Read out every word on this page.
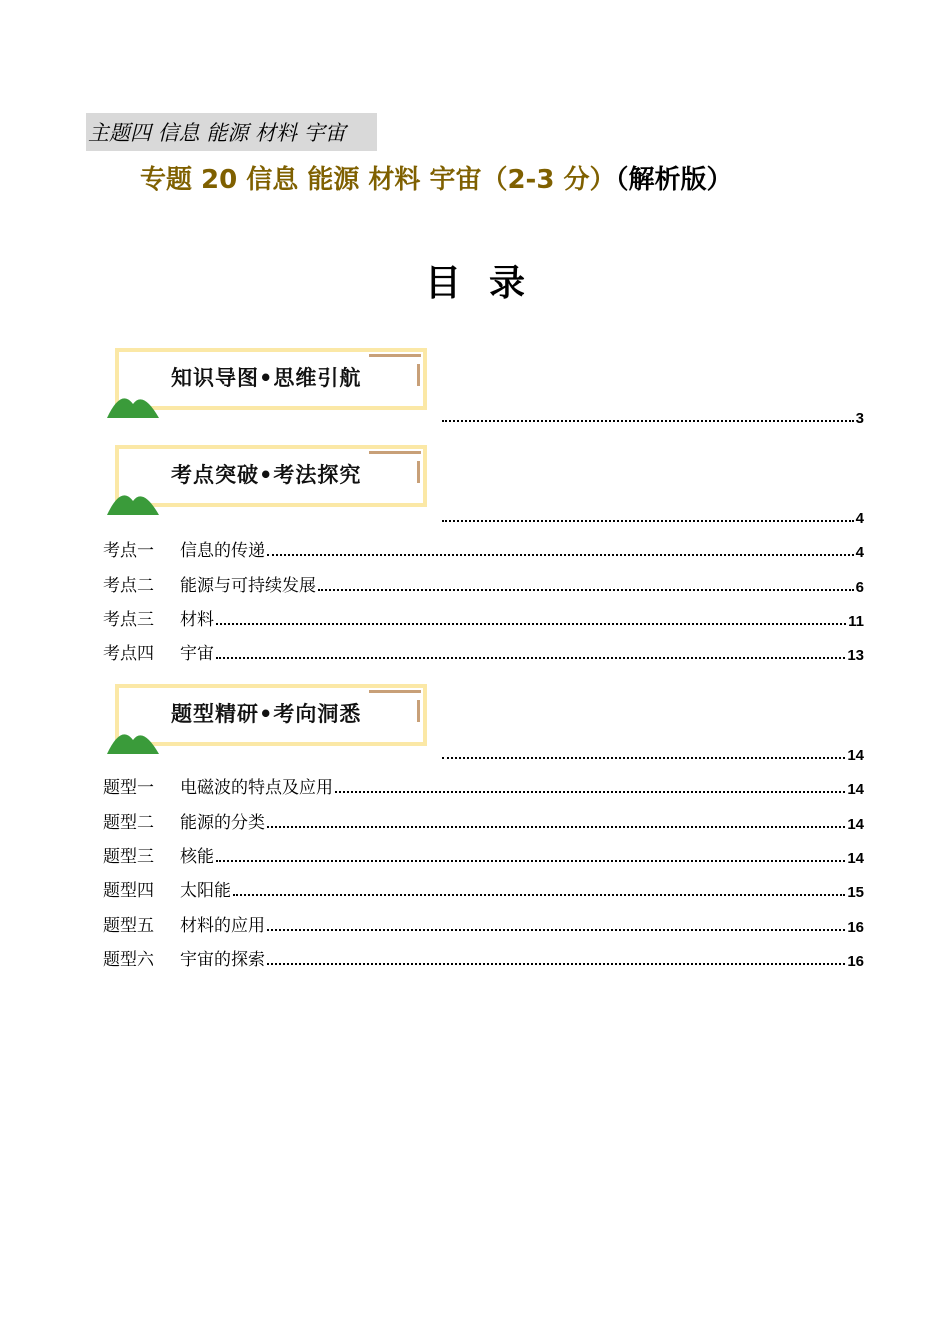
主题四 信息 能源 材料 宇宙
专题 20 信息 能源 材料 宇宙（2-3 分）（解析版）
目录
知识导图•思维引航
3
考点突破•考法探究
4
考点一	信息的传递	4
考点二	能源与可持续发展	6
考点三	材料	11
考点四	宇宙	13
题型精研•考向洞悉
14
题型一	电磁波的特点及应用	14
题型二	能源的分类	14
题型三	核能	14
题型四	太阳能	15
题型五	材料的应用	16
题型六	宇宙的探索	16
